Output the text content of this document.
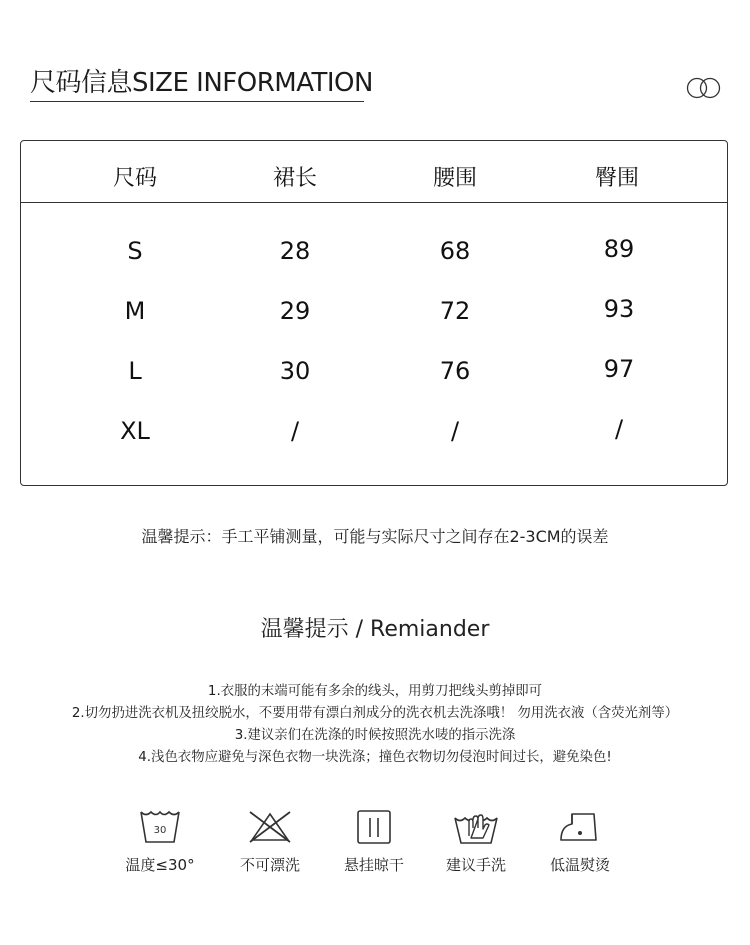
尺码信息SIZE INFORMATION
尺码	裙长	腰围	臀围
S	28	68	89
M	29	72	93
L	30	76	97
XL	/	/	/
温馨提示：手工平铺测量，可能与实际尺寸之间存在2-3CM的误差
温馨提示 / Remiander
1.衣服的末端可能有多余的线头，用剪刀把线头剪掉即可
2.切勿扔进洗衣机及扭绞脱水，不要用带有漂白剂成分的洗衣机去洗涤哦！ 勿用洗衣液（含荧光剂等）
3.建议亲们在洗涤的时候按照洗水唛的指示洗涤
4.浅色衣物应避免与深色衣物一块洗涤；撞色衣物切勿侵泡时间过长，避免染色!
30
温度≤30°	不可漂洗	悬挂晾干	建议手洗	低温熨烫
